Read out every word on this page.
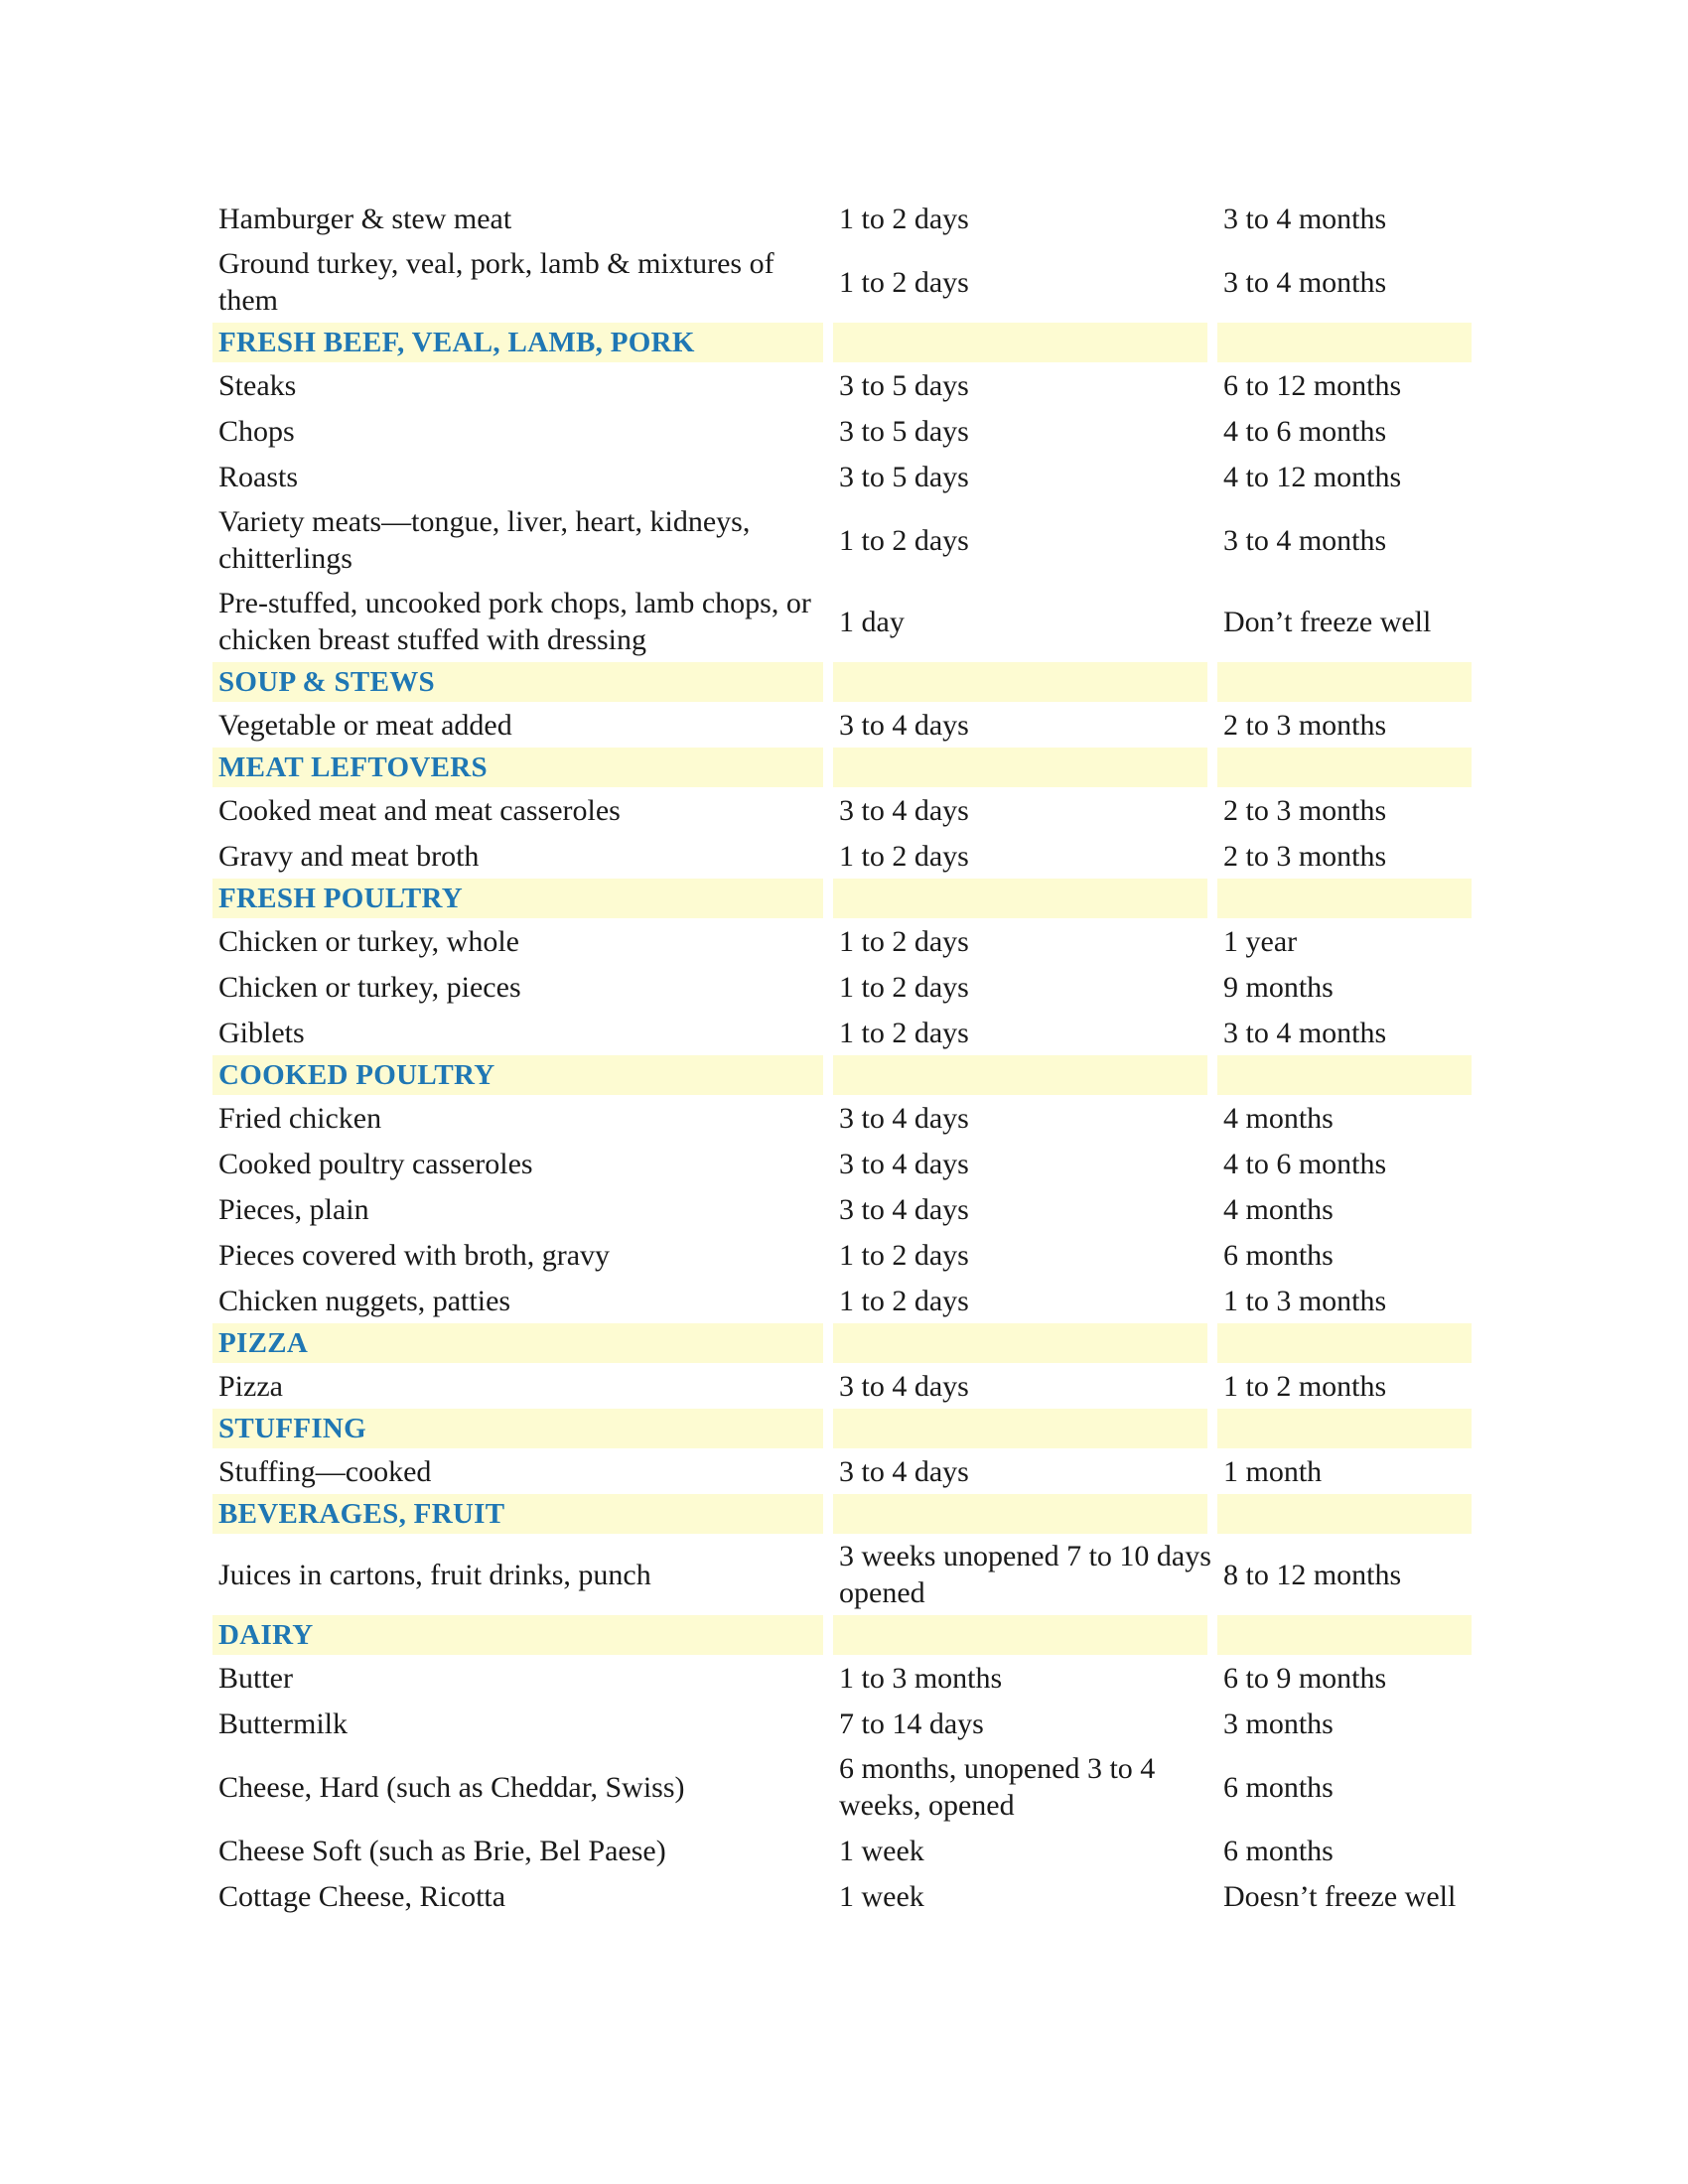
Hamburger & stew meat	1 to 2 days	3 to 4 months
Ground turkey, veal, pork, lamb & mixtures of them	1 to 2 days	3 to 4 months
FRESH BEEF, VEAL, LAMB, PORK		
Steaks	3 to 5 days	6 to 12 months
Chops	3 to 5 days	4 to 6 months
Roasts	3 to 5 days	4 to 12 months
Variety meats—tongue, liver, heart, kidneys, chitterlings	1 to 2 days	3 to 4 months
Pre-stuffed, uncooked pork chops, lamb chops, or chicken breast stuffed with dressing	1 day	Don’t freeze well
SOUP & STEWS		
Vegetable or meat added	3 to 4 days	2 to 3 months
MEAT LEFTOVERS		
Cooked meat and meat casseroles	3 to 4 days	2 to 3 months
Gravy and meat broth	1 to 2 days	2 to 3 months
FRESH POULTRY		
Chicken or turkey, whole	1 to 2 days	1 year
Chicken or turkey, pieces	1 to 2 days	9 months
Giblets	1 to 2 days	3 to 4 months
COOKED POULTRY		
Fried chicken	3 to 4 days	4 months
Cooked poultry casseroles	3 to 4 days	4 to 6 months
Pieces, plain	3 to 4 days	4 months
Pieces covered with broth, gravy	1 to 2 days	6 months
Chicken nuggets, patties	1 to 2 days	1 to 3 months
PIZZA		
Pizza	3 to 4 days	1 to 2 months
STUFFING		
Stuffing—cooked	3 to 4 days	1 month
BEVERAGES, FRUIT		
Juices in cartons, fruit drinks, punch	3 weeks unopened 7 to 10 days opened	8 to 12 months
DAIRY		
Butter	1 to 3 months	6 to 9 months
Buttermilk	7 to 14 days	3 months
Cheese, Hard (such as Cheddar, Swiss)	6 months, unopened 3 to 4 weeks, opened	6 months
Cheese Soft (such as Brie, Bel Paese)	1 week	6 months
Cottage Cheese, Ricotta	1 week	Doesn’t freeze well
